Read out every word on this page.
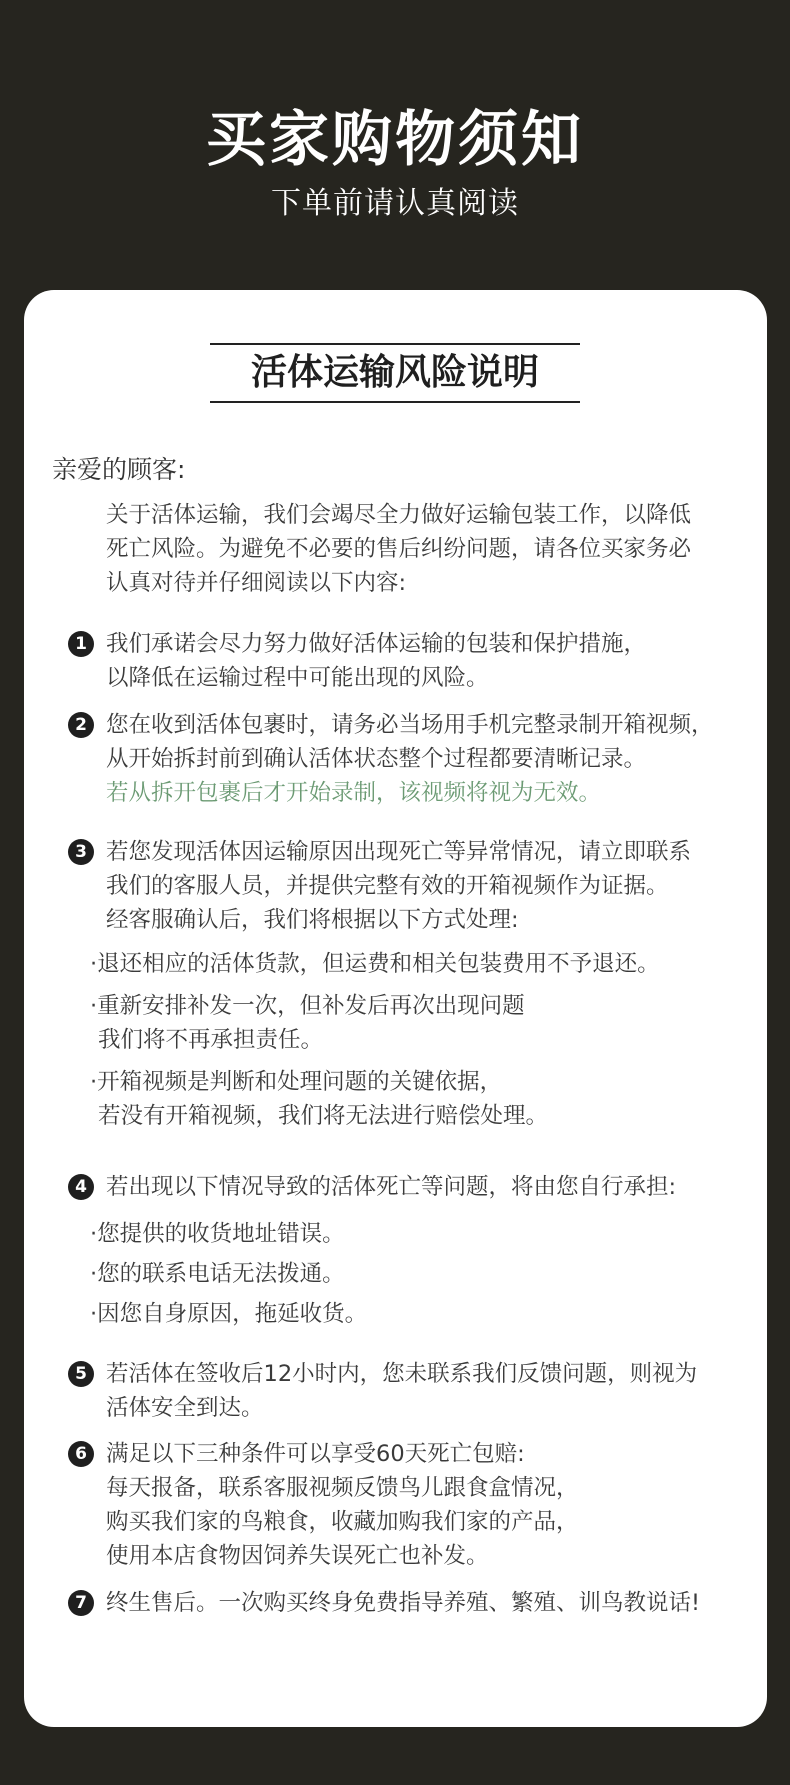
买家购物须知
下单前请认真阅读
活体运输风险说明
亲爱的顾客:
关于活体运输，我们会竭尽全力做好运输包装工作，以降低
死亡风险。为避免不必要的售后纠纷问题，请各位买家务必
认真对待并仔细阅读以下内容:
1 我们承诺会尽力努力做好活体运输的包装和保护措施，
以降低在运输过程中可能出现的风险。
2 您在收到活体包裹时，请务必当场用手机完整录制开箱视频，
从开始拆封前到确认活体状态整个过程都要清晰记录。
若从拆开包裹后才开始录制，该视频将视为无效。
3 若您发现活体因运输原因出现死亡等异常情况，请立即联系
我们的客服人员，并提供完整有效的开箱视频作为证据。
经客服确认后，我们将根据以下方式处理:
·退还相应的活体货款，但运费和相关包装费用不予退还。
·重新安排补发一次，但补发后再次出现问题
我们将不再承担责任。
·开箱视频是判断和处理问题的关键依据，
若没有开箱视频，我们将无法进行赔偿处理。
4 若出现以下情况导致的活体死亡等问题，将由您自行承担:
·您提供的收货地址错误。
·您的联系电话无法拨通。
·因您自身原因，拖延收货。
5 若活体在签收后12小时内，您未联系我们反馈问题，则视为
活体安全到达。
6 满足以下三种条件可以享受60天死亡包赔:
每天报备，联系客服视频反馈鸟儿跟食盒情况，
购买我们家的鸟粮食，收藏加购我们家的产品，
使用本店食物因饲养失误死亡也补发。
7 终生售后。一次购买终身免费指导养殖、繁殖、训鸟教说话!
